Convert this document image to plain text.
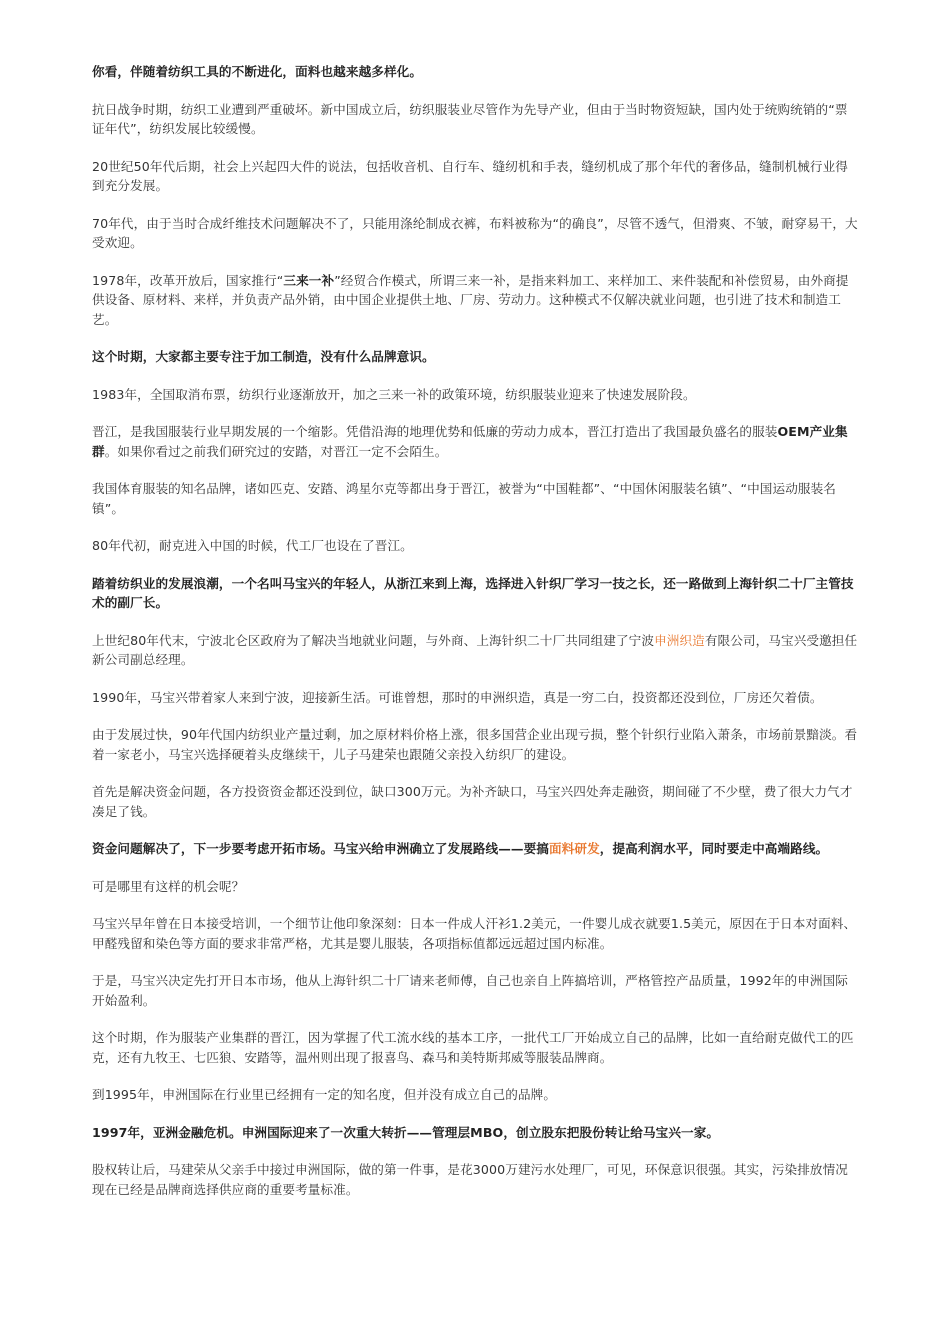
你看，伴随着纺织工具的不断进化，面料也越来越多样化。

抗日战争时期，纺织工业遭到严重破坏。新中国成立后，纺织服装业尽管作为先导产业，但由于当时物资短缺，国内处于统购统销的“票证年代”，纺织发展比较缓慢。

20世纪50年代后期，社会上兴起四大件的说法，包括收音机、自行车、缝纫机和手表，缝纫机成了那个年代的奢侈品，缝制机械行业得到充分发展。

70年代，由于当时合成纤维技术问题解决不了，只能用涤纶制成衣裤，布料被称为“的确良”，尽管不透气，但滑爽、不皱，耐穿易干，大受欢迎。

1978年，改革开放后，国家推行“三来一补”经贸合作模式，所谓三来一补，是指来料加工、来样加工、来件装配和补偿贸易，由外商提供设备、原材料、来样，并负责产品外销，由中国企业提供土地、厂房、劳动力。这种模式不仅解决就业问题，也引进了技术和制造工艺。

这个时期，大家都主要专注于加工制造，没有什么品牌意识。

1983年，全国取消布票，纺织行业逐渐放开，加之三来一补的政策环境，纺织服装业迎来了快速发展阶段。

晋江，是我国服装行业早期发展的一个缩影。凭借沿海的地理优势和低廉的劳动力成本，晋江打造出了我国最负盛名的服装OEM产业集群。如果你看过之前我们研究过的安踏，对晋江一定不会陌生。

我国体育服装的知名品牌，诸如匹克、安踏、鸿星尔克等都出身于晋江，被誉为“中国鞋都”、“中国休闲服装名镇”、“中国运动服装名镇”。

80年代初，耐克进入中国的时候，代工厂也设在了晋江。

踏着纺织业的发展浪潮，一个名叫马宝兴的年轻人，从浙江来到上海，选择进入针织厂学习一技之长，还一路做到上海针织二十厂主管技术的副厂长。

上世纪80年代末，宁波北仑区政府为了解决当地就业问题，与外商、上海针织二十厂共同组建了宁波申洲织造有限公司，马宝兴受邀担任新公司副总经理。

1990年，马宝兴带着家人来到宁波，迎接新生活。可谁曾想，那时的申洲织造，真是一穷二白，投资都还没到位，厂房还欠着债。

由于发展过快，90年代国内纺织业产量过剩，加之原材料价格上涨，很多国营企业出现亏损，整个针织行业陷入萧条，市场前景黯淡。看着一家老小，马宝兴选择硬着头皮继续干，儿子马建荣也跟随父亲投入纺织厂的建设。

首先是解决资金问题，各方投资资金都还没到位，缺口300万元。为补齐缺口，马宝兴四处奔走融资，期间碰了不少壁，费了很大力气才凑足了钱。

资金问题解决了，下一步要考虑开拓市场。马宝兴给申洲确立了发展路线——要搞面料研发，提高利润水平，同时要走中高端路线。

可是哪里有这样的机会呢？

马宝兴早年曾在日本接受培训，一个细节让他印象深刻：日本一件成人汗衫1.2美元，一件婴儿成衣就要1.5美元，原因在于日本对面料、甲醛残留和染色等方面的要求非常严格，尤其是婴儿服装，各项指标值都远远超过国内标准。

于是，马宝兴决定先打开日本市场，他从上海针织二十厂请来老师傅，自己也亲自上阵搞培训，严格管控产品质量，1992年的申洲国际开始盈利。

这个时期，作为服装产业集群的晋江，因为掌握了代工流水线的基本工序，一批代工厂开始成立自己的品牌，比如一直给耐克做代工的匹克，还有九牧王、七匹狼、安踏等，温州则出现了报喜鸟、森马和美特斯邦威等服装品牌商。

到1995年，申洲国际在行业里已经拥有一定的知名度，但并没有成立自己的品牌。

1997年，亚洲金融危机。申洲国际迎来了一次重大转折——管理层MBO，创立股东把股份转让给马宝兴一家。

股权转让后，马建荣从父亲手中接过申洲国际，做的第一件事，是花3000万建污水处理厂，可见，环保意识很强。其实，污染排放情况现在已经是品牌商选择供应商的重要考量标准。
